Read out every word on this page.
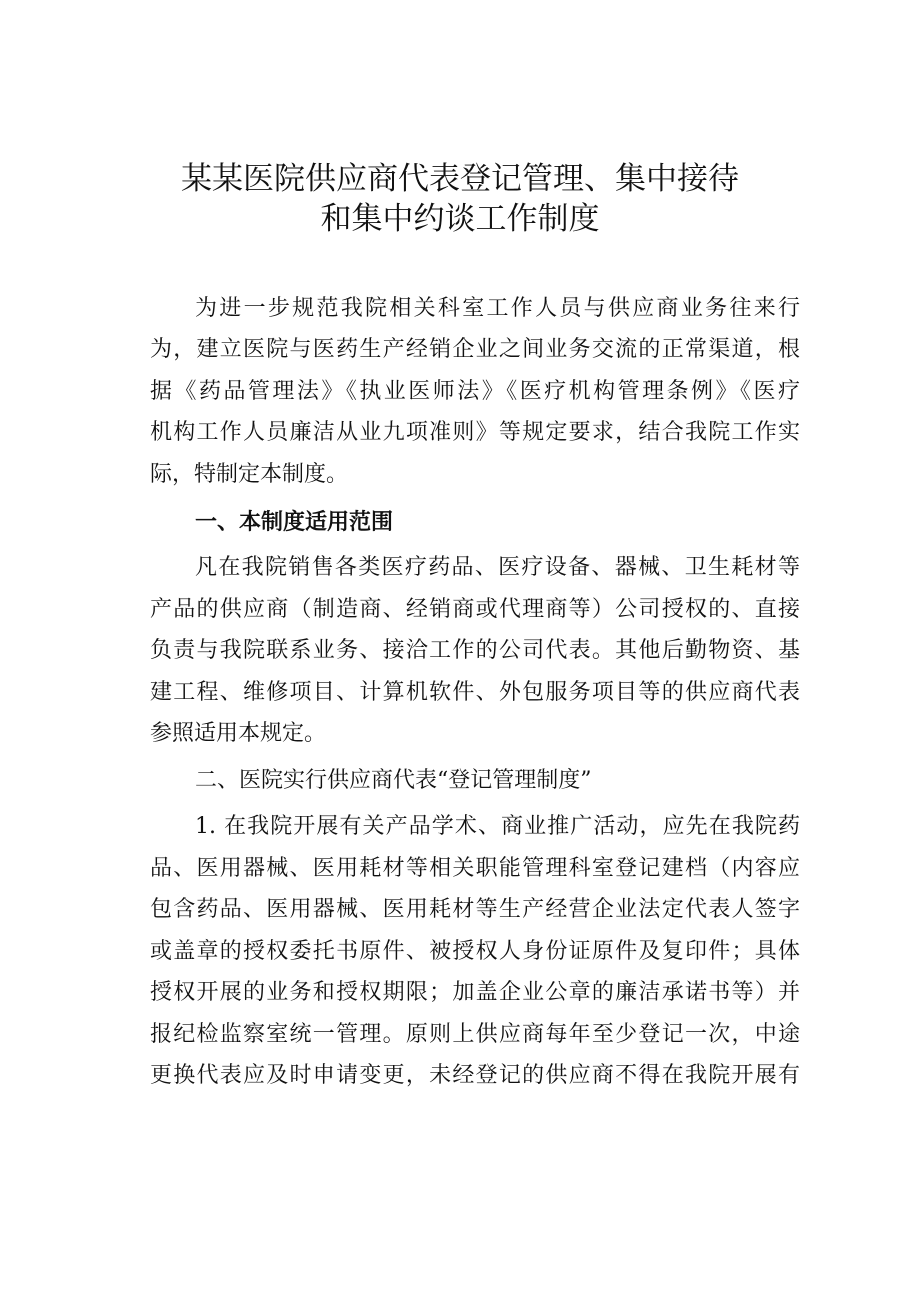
某某医院供应商代表登记管理、集中接待
和集中约谈工作制度
为进一步规范我院相关科室工作人员与供应商业务往来行
为，建立医院与医药生产经销企业之间业务交流的正常渠道，根
据《药品管理法》《执业医师法》《医疗机构管理条例》《医疗
机构工作人员廉洁从业九项准则》等规定要求，结合我院工作实
际，特制定本制度。
一、本制度适用范围
凡在我院销售各类医疗药品、医疗设备、器械、卫生耗材等
产品的供应商（制造商、经销商或代理商等）公司授权的、直接
负责与我院联系业务、接洽工作的公司代表。其他后勤物资、基
建工程、维修项目、计算机软件、外包服务项目等的供应商代表
参照适用本规定。
二、医院实行供应商代表“登记管理制度”
1. 在我院开展有关产品学术、商业推广活动，应先在我院药
品、医用器械、医用耗材等相关职能管理科室登记建档（内容应
包含药品、医用器械、医用耗材等生产经营企业法定代表人签字
或盖章的授权委托书原件、被授权人身份证原件及复印件；具体
授权开展的业务和授权期限；加盖企业公章的廉洁承诺书等）并
报纪检监察室统一管理。原则上供应商每年至少登记一次，中途
更换代表应及时申请变更，未经登记的供应商不得在我院开展有
